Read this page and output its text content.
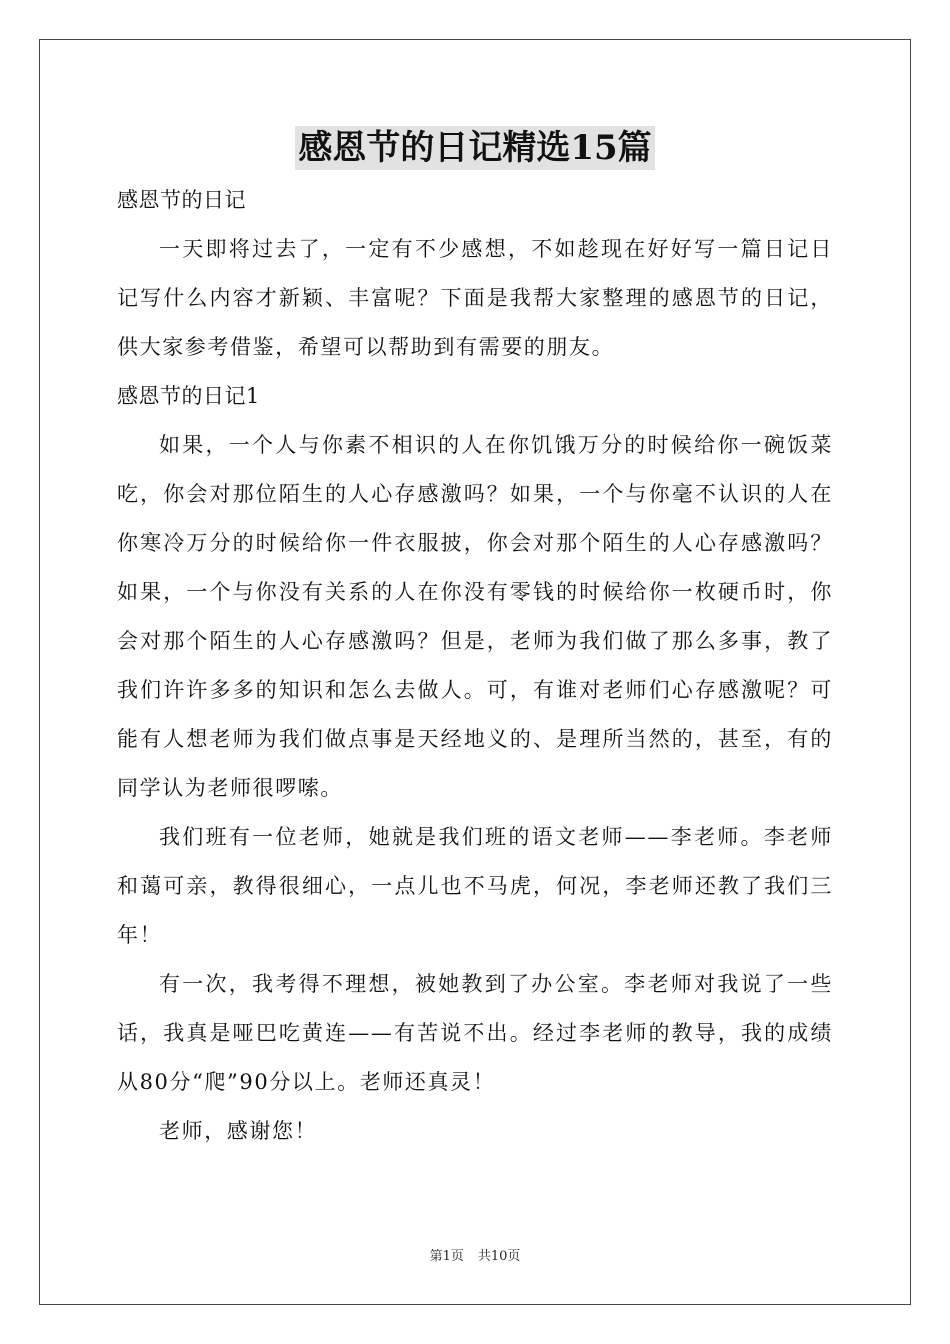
感恩节的日记精选15篇

感恩节的日记

一天即将过去了，一定有不少感想，不如趁现在好好写一篇日记日记写什么内容才新颖、丰富呢？下面是我帮大家整理的感恩节的日记，供大家参考借鉴，希望可以帮助到有需要的朋友。

感恩节的日记1

如果，一个人与你素不相识的人在你饥饿万分的时候给你一碗饭菜吃，你会对那位陌生的人心存感激吗？如果，一个与你毫不认识的人在你寒冷万分的时候给你一件衣服披，你会对那个陌生的人心存感激吗？如果，一个与你没有关系的人在你没有零钱的时候给你一枚硬币时，你会对那个陌生的人心存感激吗？但是，老师为我们做了那么多事，教了我们许许多多的知识和怎么去做人。可，有谁对老师们心存感激呢？可能有人想老师为我们做点事是天经地义的、是理所当然的，甚至，有的同学认为老师很啰嗦。

我们班有一位老师，她就是我们班的语文老师——李老师。李老师和蔼可亲，教得很细心，一点儿也不马虎，何况，李老师还教了我们三年！

有一次，我考得不理想，被她教到了办公室。李老师对我说了一些话，我真是哑巴吃黄连——有苦说不出。经过李老师的教导，我的成绩从80分“爬”90分以上。老师还真灵！

老师，感谢您！

第1页 共10页
